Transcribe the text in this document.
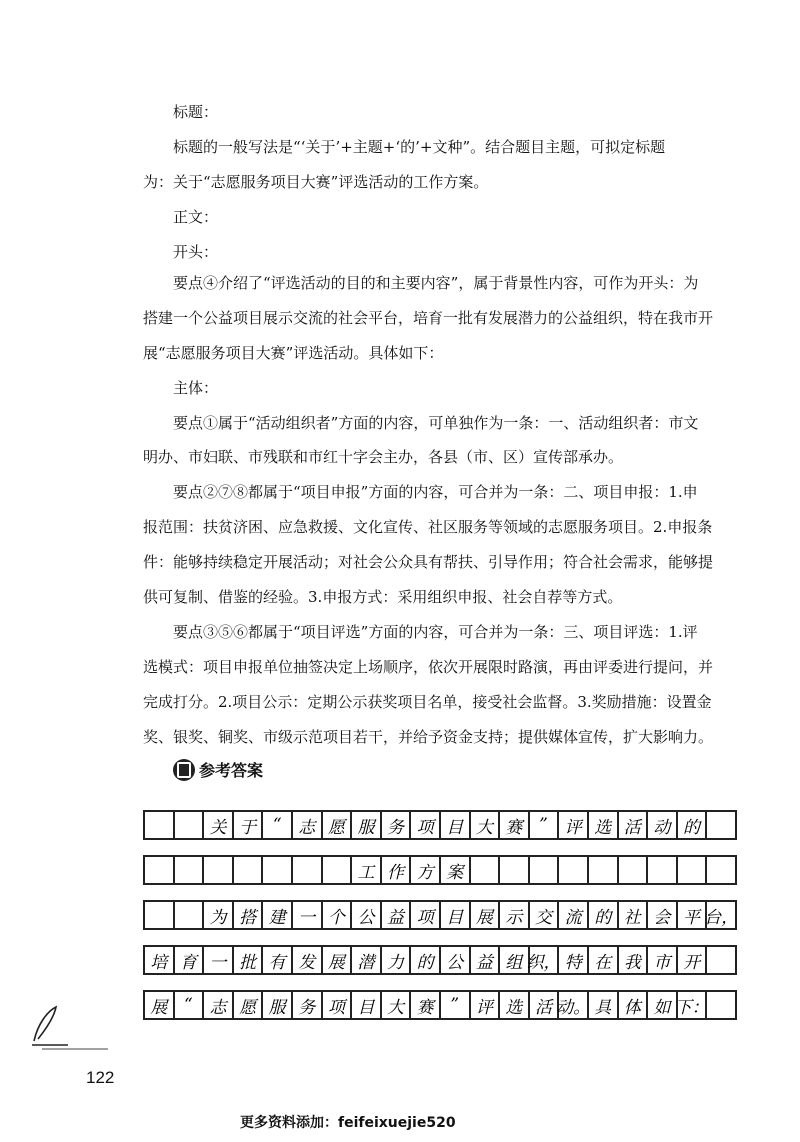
标题：
标题的一般写法是“‘关于’+主题+‘的’+文种”。结合题目主题，可拟定标题
为：关于“志愿服务项目大赛”评选活动的工作方案。
正文：
开头：
要点④介绍了“评选活动的目的和主要内容”，属于背景性内容，可作为开头：为
搭建一个公益项目展示交流的社会平台，培育一批有发展潜力的公益组织，特在我市开
展“志愿服务项目大赛”评选活动。具体如下：
主体：
要点①属于“活动组织者”方面的内容，可单独作为一条：一、活动组织者：市文
明办、市妇联、市残联和市红十字会主办，各县（市、区）宣传部承办。
要点②⑦⑧都属于“项目申报”方面的内容，可合并为一条：二、项目申报：1.申
报范围：扶贫济困、应急救援、文化宣传、社区服务等领域的志愿服务项目。2.申报条
件：能够持续稳定开展活动；对社会公众具有帮扶、引导作用；符合社会需求，能够提
供可复制、借鉴的经验。3.申报方式：采用组织申报、社会自荐等方式。
要点③⑤⑥都属于“项目评选”方面的内容，可合并为一条：三、项目评选：1.评
选模式：项目申报单位抽签决定上场顺序，依次开展限时路演，再由评委进行提问，并
完成打分。2.项目公示：定期公示获奖项目名单，接受社会监督。3.奖励措施：设置金
奖、银奖、铜奖、市级示范项目若干，并给予资金支持；提供媒体宣传，扩大影响力。
参考答案
关 于 “ 志 愿 服 务 项 目 大 赛 ” 评 选 活 动 的
工 作 方 案
为 搭 建 一 个 公 益 项 目 展 示 交 流 的 社 会 平 台，
培 育 一 批 有 发 展 潜 力 的 公 益 组 织， 特 在 我 市 开
展 “ 志 愿 服 务 项 目 大 赛 ” 评 选 活 动。 具 体 如 下：
122
更多资料添加：feifeixuejie520
